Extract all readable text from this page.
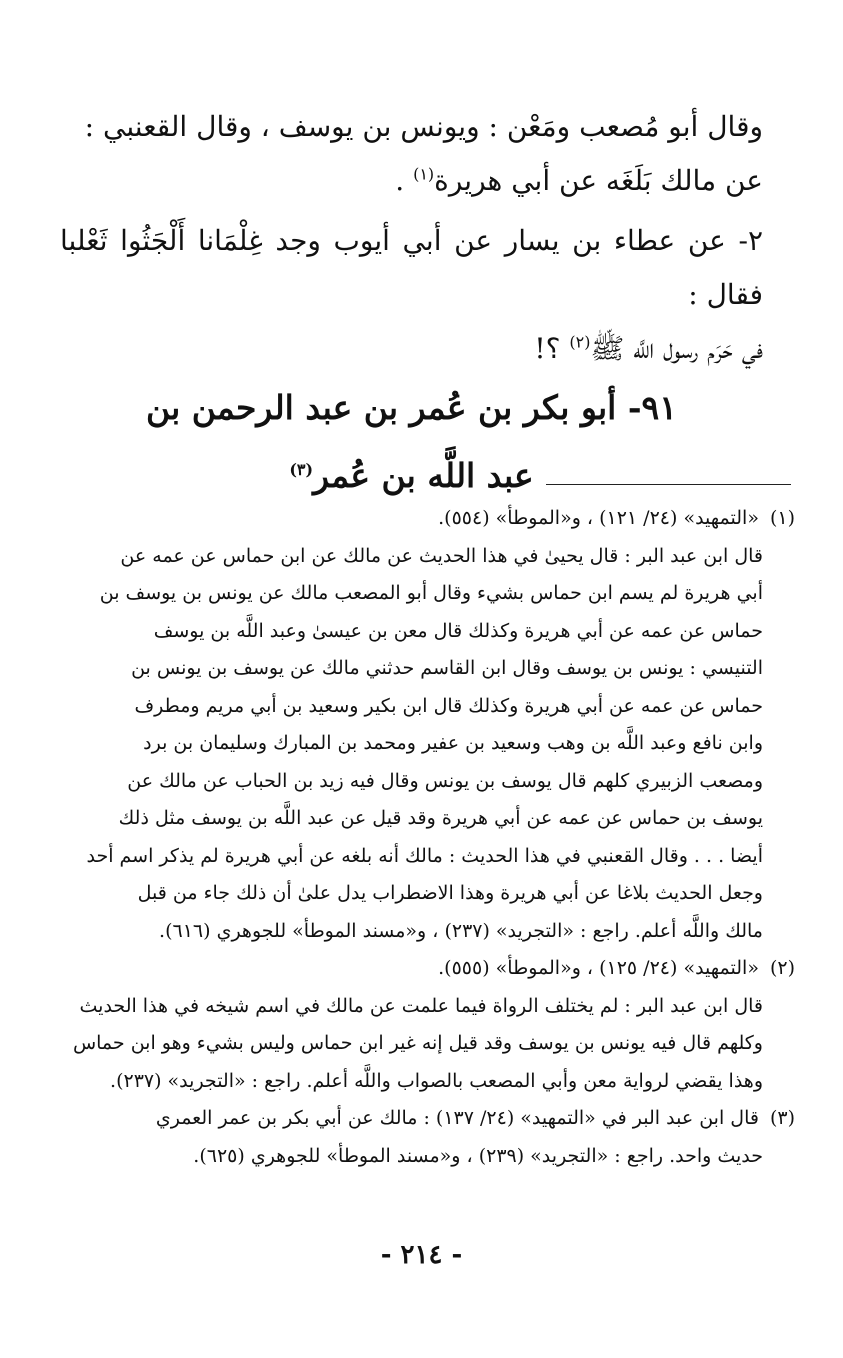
وقال أبو مُصعب ومَعْن : ويونس بن يوسف ، وقال القعنبي :
عن مالك بَلَغَه عن أبي هريرة$^{(١)}$ .

٢- عن عطاء بن يسار عن أبي أيوب وجد غِلْمَانا أَلْجَثُوا ثَعْلبا فقال :
في حَرَم رسول اللَّه ﷺ$^{(٢)}$ ؟!

٩١- أبو بكر بن عُمر بن عبد الرحمن بن
عبد اللَّه بن عُمر$^{(٣)}$

(١) «التمهيد» (٢٤/ ١٢١) ، و«الموطأ» (٥٥٤).

قال ابن عبد البر : قال يحيىٰ في هذا الحديث عن مالك عن ابن حماس عن عمه عن
أبي هريرة لم يسم ابن حماس بشيء وقال أبو المصعب مالك عن يونس بن يوسف بن
حماس عن عمه عن أبي هريرة وكذلك قال معن بن عيسىٰ وعبد اللَّه بن يوسف
التنيسي : يونس بن يوسف وقال ابن القاسم حدثني مالك عن يوسف بن يونس بن
حماس عن عمه عن أبي هريرة وكذلك قال ابن بكير وسعيد بن أبي مريم ومطرف
وابن نافع وعبد اللَّه بن وهب وسعيد بن عفير ومحمد بن المبارك وسليمان بن برد
ومصعب الزبيري كلهم قال يوسف بن يونس وقال فيه زيد بن الحباب عن مالك عن
يوسف بن حماس عن عمه عن أبي هريرة وقد قيل عن عبد اللَّه بن يوسف مثل ذلك
أيضا . . . وقال القعنبي في هذا الحديث : مالك أنه بلغه عن أبي هريرة لم يذكر اسم أحد
وجعل الحديث بلاغا عن أبي هريرة وهذا الاضطراب يدل علىٰ أن ذلك جاء من قبل
مالك واللَّه أعلم. راجع : «التجريد» (٢٣٧) ، و«مسند الموطأ» للجوهري (٦١٦).

(٢) «التمهيد» (٢٤/ ١٢٥) ، و«الموطأ» (٥٥٥).

قال ابن عبد البر : لم يختلف الرواة فيما علمت عن مالك في اسم شيخه في هذا الحديث
وكلهم قال فيه يونس بن يوسف وقد قيل إنه غير ابن حماس وليس بشيء وهو ابن حماس
وهذا يقضي لرواية معن وأبي المصعب بالصواب واللَّه أعلم. راجع : «التجريد» (٢٣٧).

(٣) قال ابن عبد البر في «التمهيد» (٢٤/ ١٣٧) : مالك عن أبي بكر بن عمر العمري

حديث واحد. راجع : «التجريد» (٢٣٩) ، و«مسند الموطأ» للجوهري (٦٢٥).
- ٢١٤ -
